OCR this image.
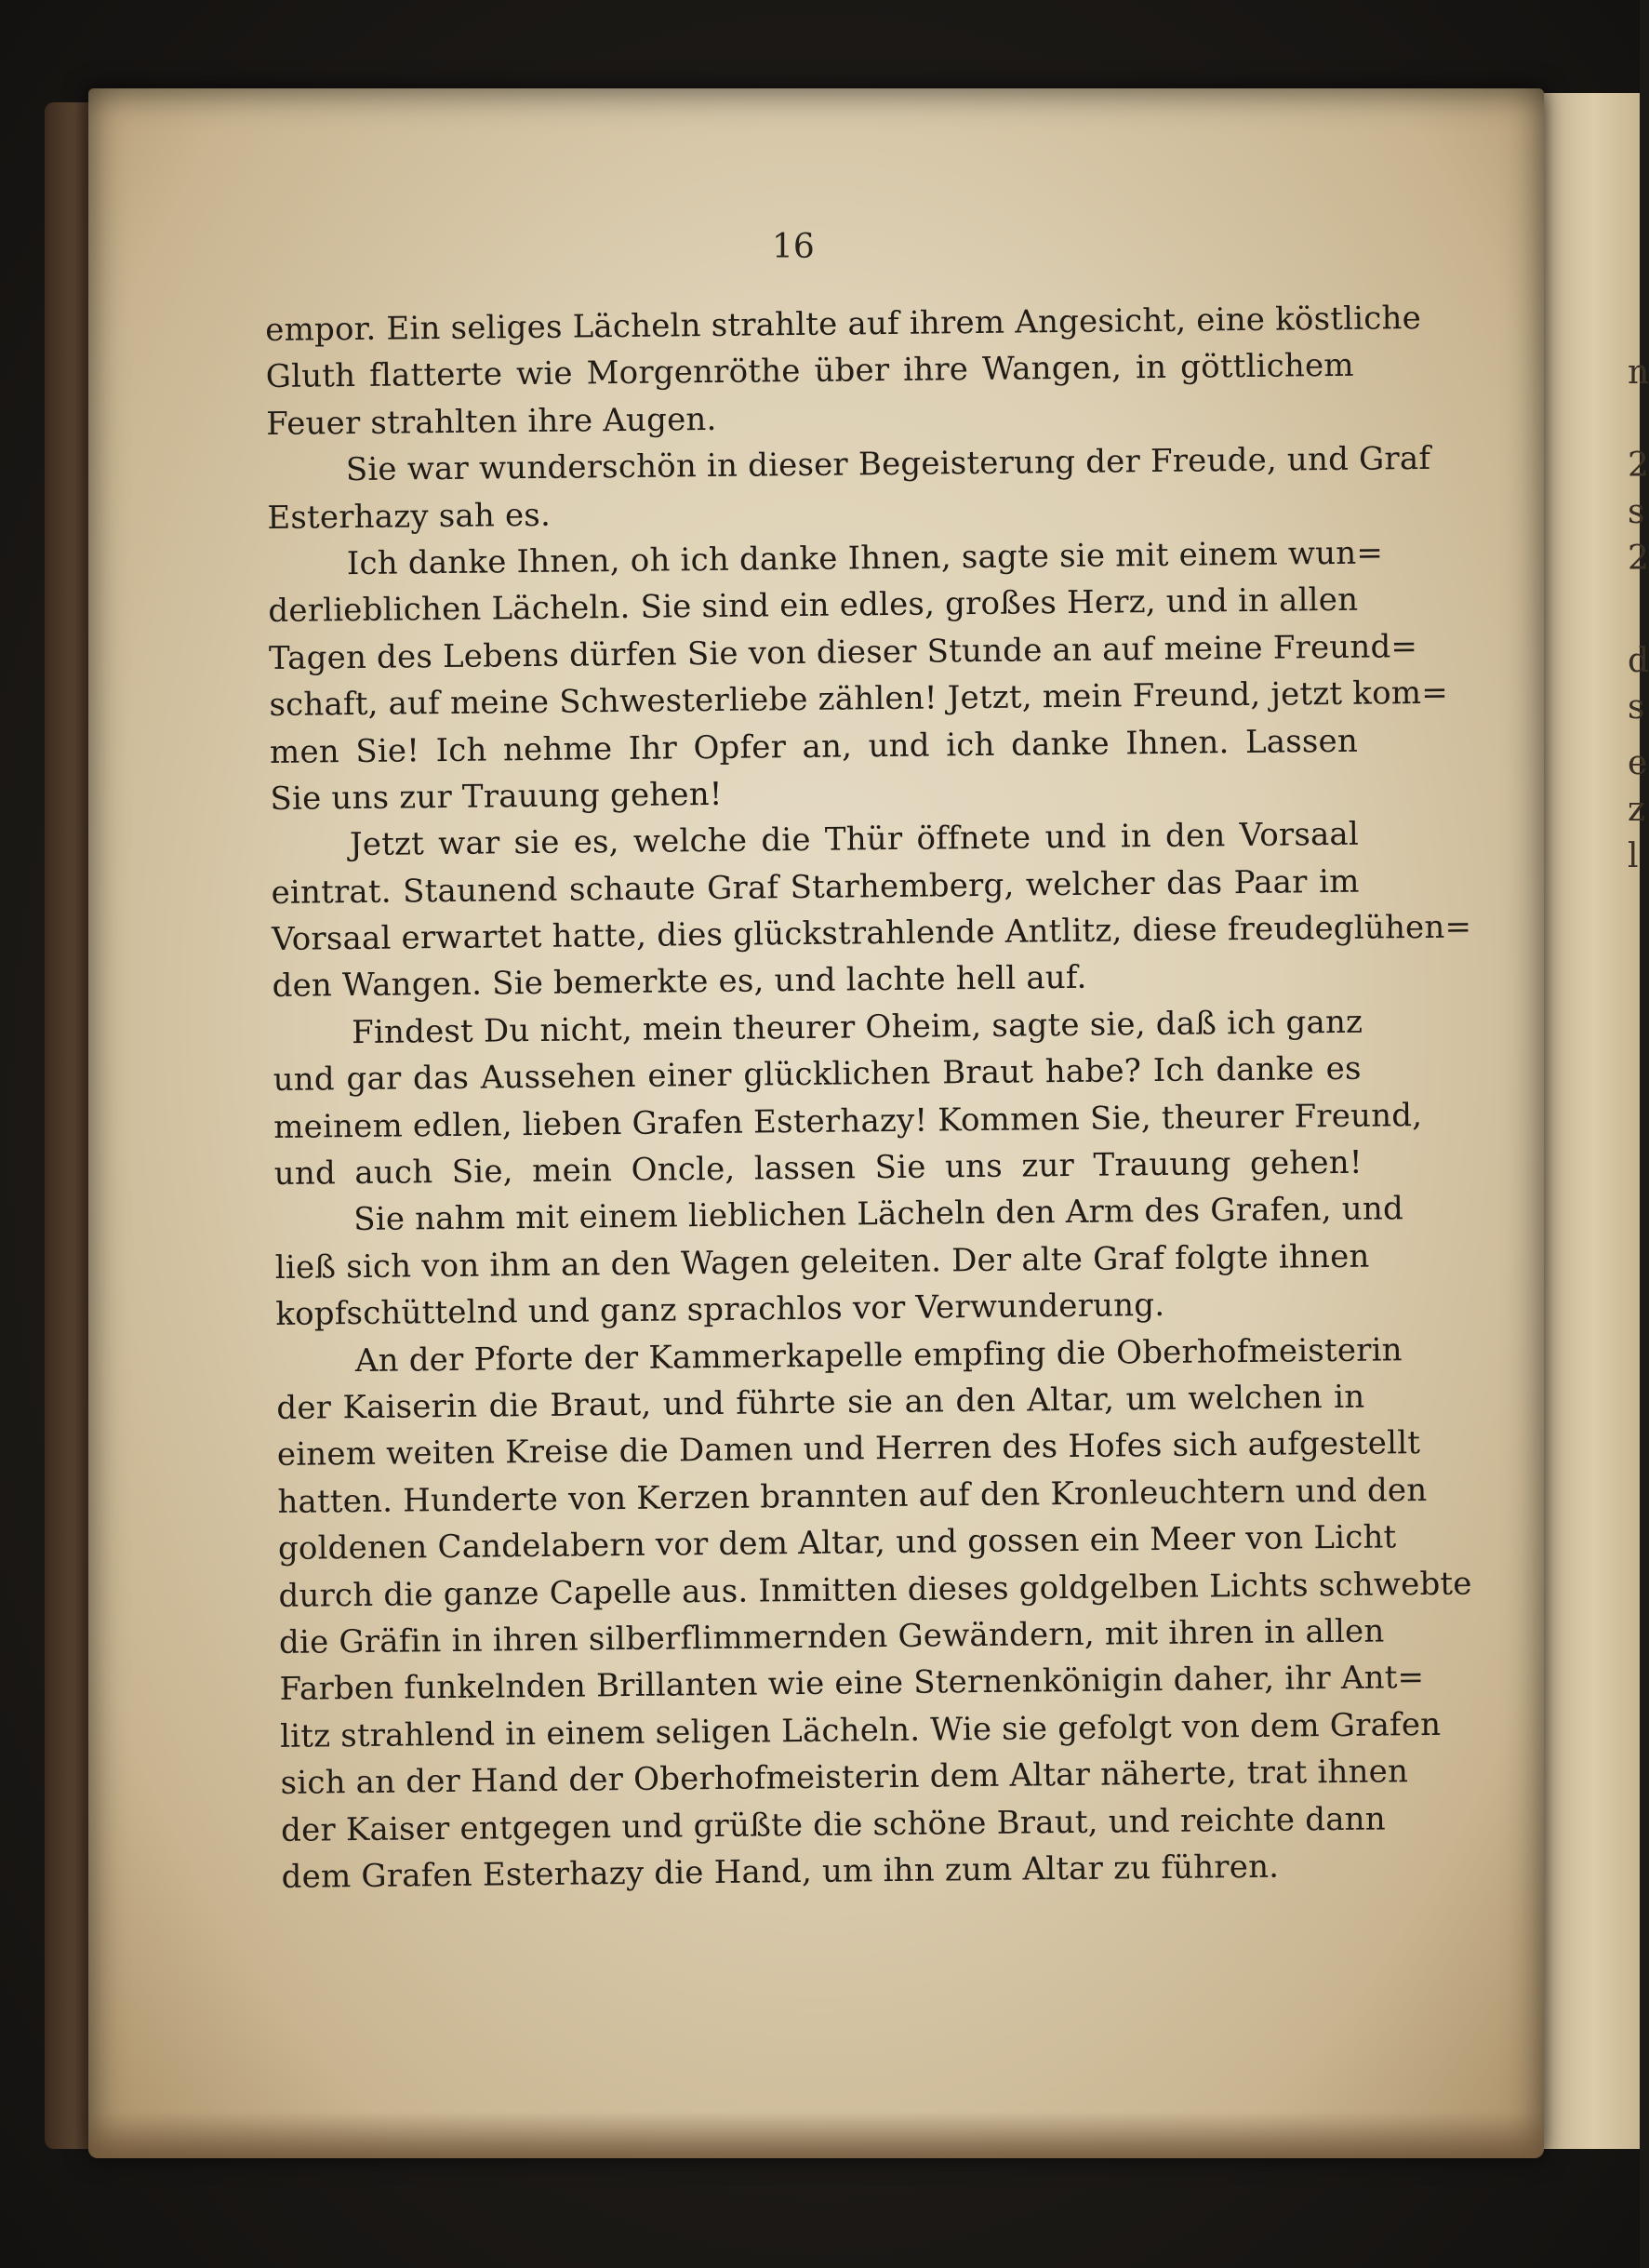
n
2
s
2
d
s
e
z
l
16
empor. Ein seliges Lächeln strahlte auf ihrem Angesicht, eine köstliche
Gluth flatterte wie Morgenröthe über ihre Wangen, in göttlichem
Feuer strahlten ihre Augen.
Sie war wunderschön in dieser Begeisterung der Freude, und Graf
Esterhazy sah es.
Ich danke Ihnen, oh ich danke Ihnen, sagte sie mit einem wun=
derlieblichen Lächeln. Sie sind ein edles, großes Herz, und in allen
Tagen des Lebens dürfen Sie von dieser Stunde an auf meine Freund=
schaft, auf meine Schwesterliebe zählen! Jetzt, mein Freund, jetzt kom=
men Sie! Ich nehme Ihr Opfer an, und ich danke Ihnen. Lassen
Sie uns zur Trauung gehen!
Jetzt war sie es, welche die Thür öffnete und in den Vorsaal
eintrat. Staunend schaute Graf Starhemberg, welcher das Paar im
Vorsaal erwartet hatte, dies glückstrahlende Antlitz, diese freudeglühen=
den Wangen. Sie bemerkte es, und lachte hell auf.
Findest Du nicht, mein theurer Oheim, sagte sie, daß ich ganz
und gar das Aussehen einer glücklichen Braut habe? Ich danke es
meinem edlen, lieben Grafen Esterhazy! Kommen Sie, theurer Freund,
und auch Sie, mein Oncle, lassen Sie uns zur Trauung gehen!
Sie nahm mit einem lieblichen Lächeln den Arm des Grafen, und
ließ sich von ihm an den Wagen geleiten. Der alte Graf folgte ihnen
kopfschüttelnd und ganz sprachlos vor Verwunderung.
An der Pforte der Kammerkapelle empfing die Oberhofmeisterin
der Kaiserin die Braut, und führte sie an den Altar, um welchen in
einem weiten Kreise die Damen und Herren des Hofes sich aufgestellt
hatten. Hunderte von Kerzen brannten auf den Kronleuchtern und den
goldenen Candelabern vor dem Altar, und gossen ein Meer von Licht
durch die ganze Capelle aus. Inmitten dieses goldgelben Lichts schwebte
die Gräfin in ihren silberflimmernden Gewändern, mit ihren in allen
Farben funkelnden Brillanten wie eine Sternenkönigin daher, ihr Ant=
litz strahlend in einem seligen Lächeln. Wie sie gefolgt von dem Grafen
sich an der Hand der Oberhofmeisterin dem Altar näherte, trat ihnen
der Kaiser entgegen und grüßte die schöne Braut, und reichte dann
dem Grafen Esterhazy die Hand, um ihn zum Altar zu führen.
